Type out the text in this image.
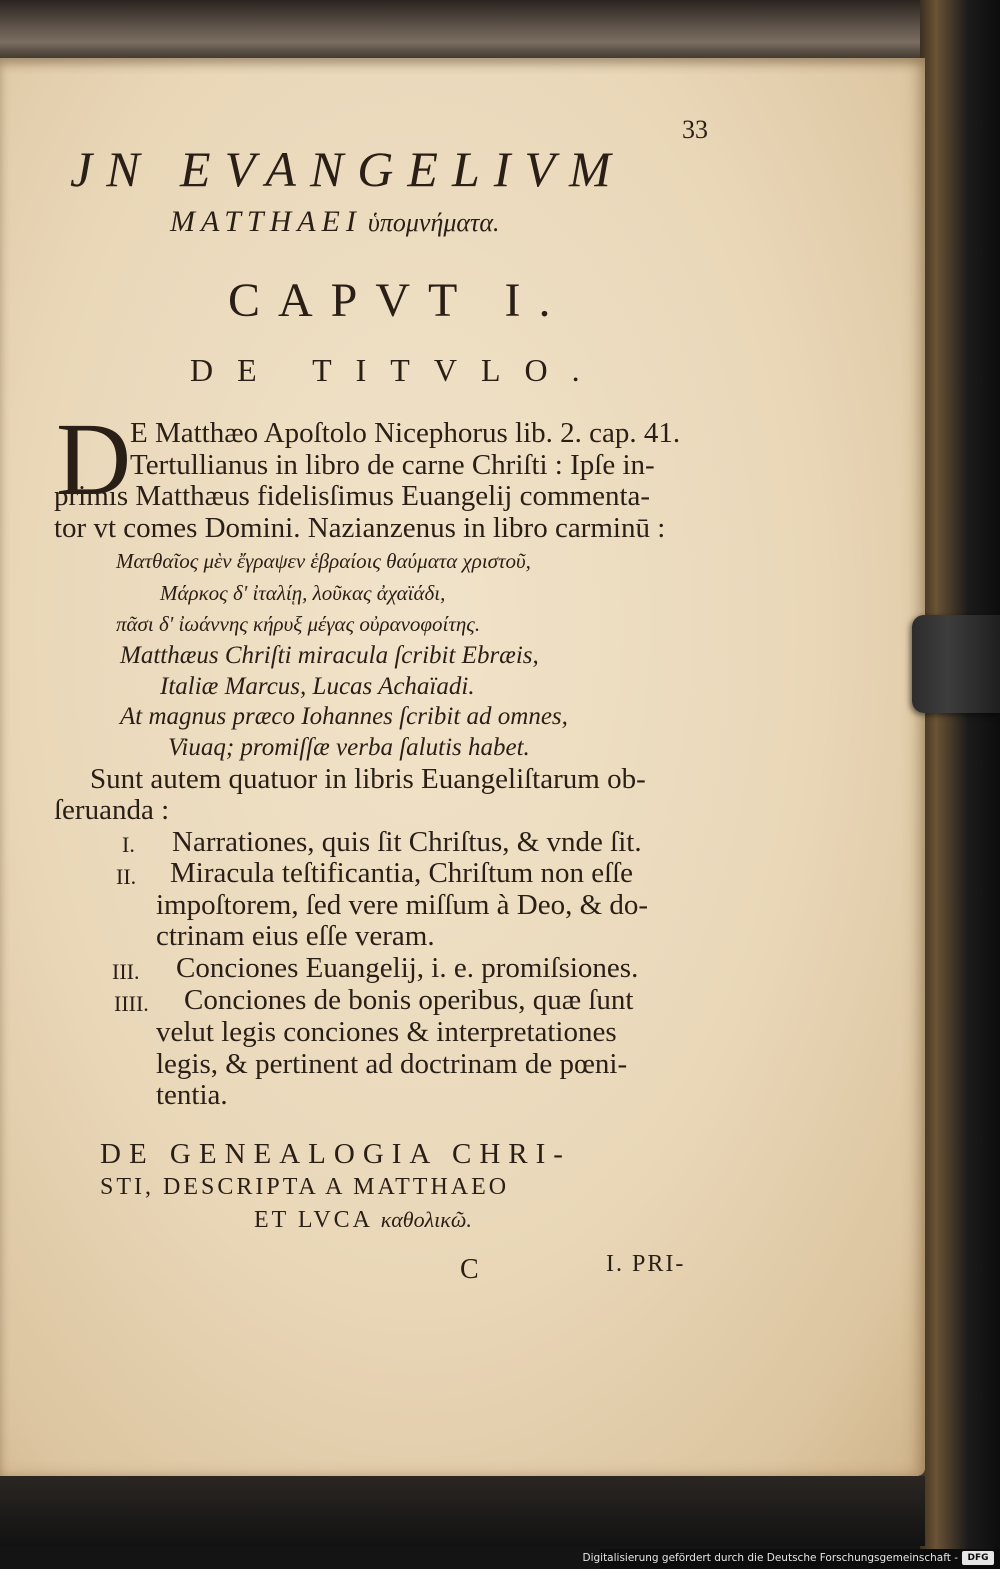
33
JN EVANGELIVM
MATTHAEI ὑπομνήματα.
CAPVT I.
DE TITVLO.
D
E Matthæo Apoſtolo Nicephorus lib. 2. cap. 41.
Tertullianus in libro de carne Chriſti : Ipſe in-
primis Matthæus fidelisſimus Euangelij commenta-
tor vt comes Domini. Nazianzenus in libro carminū :
Ματθαῖος μὲν ἔγραψεν ἑβραίοις θαύματα χριστοῦ,
Μάρκος δ' ἰταλίῃ, λοῦκας ἀχαϊάδι,
πᾶσι δ' ἰωάννης κήρυξ μέγας οὐρανοφοίτης.
Matthæus Chriſti miracula ſcribit Ebræis,
Italiæ Marcus, Lucas Achaïadi.
At magnus præco Iohannes ſcribit ad omnes,
Viuaq; promiſſæ verba ſalutis habet.
Sunt autem quatuor in libris Euangeliſtarum ob-
ſeruanda :
I. Narrationes, quis ſit Chriſtus, & vnde ſit.
II. Miracula teſtificantia, Chriſtum non eſſe
impoſtorem, ſed vere miſſum à Deo, & do-
ctrinam eius eſſe veram.
III. Conciones Euangelij, i. e. promiſsiones.
IIII. Conciones de bonis operibus, quæ ſunt
velut legis conciones & interpretationes
legis, & pertinent ad doctrinam de pœni-
tentia.
DE GENEALOGIA CHRI-
STI, DESCRIPTA A MATTHAEO
ET LVCA καθολικῶ.
C	I. PRI-
Digitalisierung gefördert durch die Deutsche Forschungsgemeinschaft -	DFG
